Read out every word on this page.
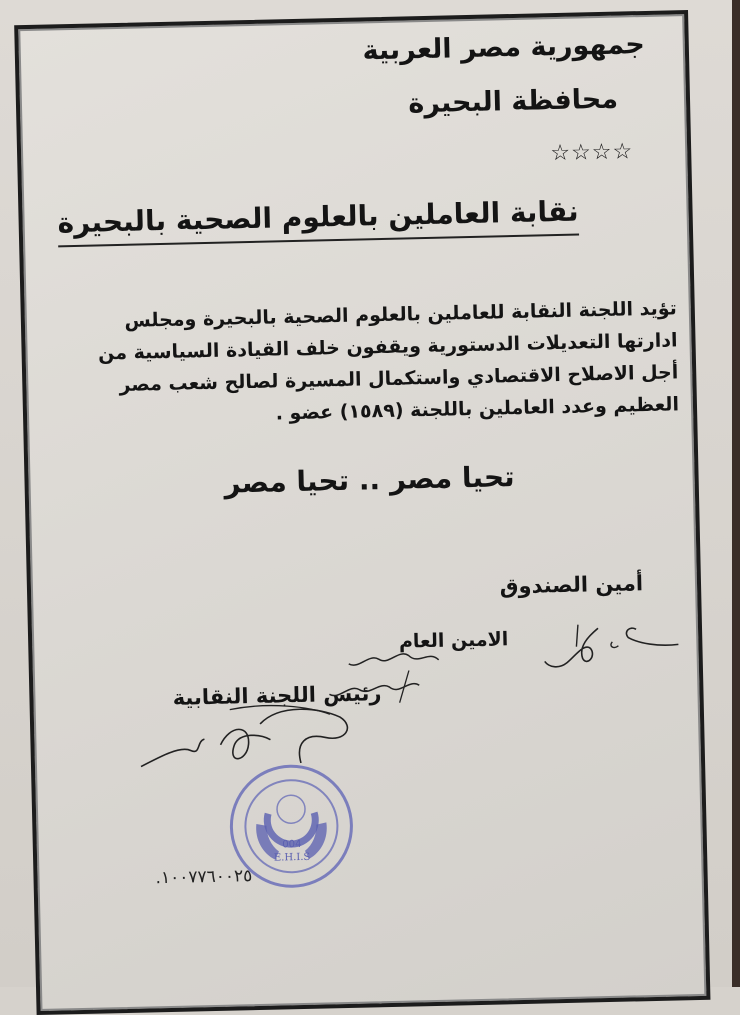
جمهورية مصر العربية
محافظة البحيرة
☆☆☆☆
نقابة العاملين بالعلوم الصحية بالبحيرة

تؤيد اللجنة النقابة للعاملين بالعلوم الصحية بالبحيرة ومجلس

ادارتها التعديلات الدستورية ويقفون خلف القيادة السياسية من

أجل الاصلاح الاقتصادي واستكمال المسيرة لصالح شعب مصر

العظيم وعدد العاملين باللجنة (١٥٨٩) عضو .

تحيا مصر .. تحيا مصر
أمين الصندوق
الامين العام
رئيس اللجنة النقابية
004
E.H.I.S
.١٠٠٧٧٦٠٠٢٥
